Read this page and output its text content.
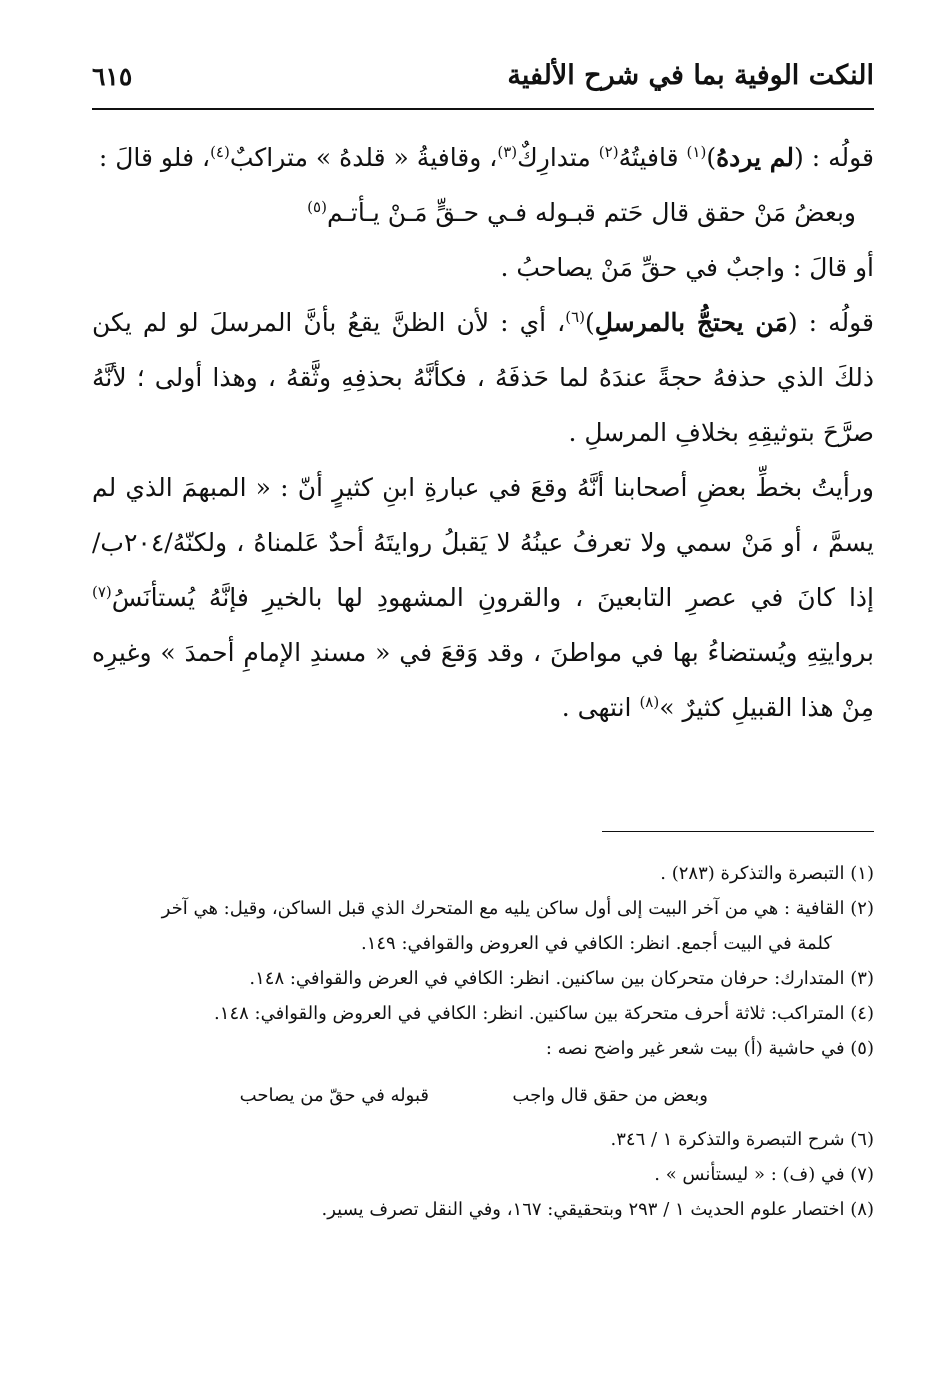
النكت الوفية بما في شرح الألفية
٦١٥

قولُه : (لم يردهُ)$^{(١)}$ قافيتُهُ$^{(٢)}$ متدارِكٌ$^{(٣)}$، وقافيةُ « قلدهُ » متراكبٌ$^{(٤)}$، فلو قالَ :

وبعضُ مَنْ حقق قال حَتم قبـوله فـي حـقٍّ مَـنْ يـأتـم$^{(٥)}$
أو قالَ : واجبٌ في حقِّ مَنْ يصاحبُ .

قولُه : (مَن يحتجُّ بالمرسلِ)$^{(٦)}$، أي : لأن الظنَّ يقعُ بأنَّ المرسلَ لو لم يكن ذلكَ الذي حذفهُ حجةً عندَهُ لما حَذفَهُ ، فكأنَّهُ بحذفِهِ وثَّقهُ ، وهذا أولى ؛ لأنَّهُ صرَّحَ بتوثيقِهِ بخلافِ المرسلِ .

ورأيتُ بخطِّ بعضِ أصحابنا أنَّهُ وقعَ في عبارةِ ابنِ كثيرٍ أنّ : « المبهمَ الذي لم يسمَّ ، أو مَنْ سمي ولا تعرفُ عينُهُ لا يَقبلُ روايتَهُ أحدٌ عَلمناهُ ، ولكنّهُ/٢٠٤ب/ إذا كانَ في عصرِ التابعينَ ، والقرونِ المشهودِ لها بالخيرِ فإنَّهُ يُستأنَسُ$^{(٧)}$ بروايتِهِ ويُستضاءُ بها في مواطنَ ، وقد وَقعَ في « مسندِ الإمامِ أحمدَ » وغيرِه مِنْ هذا القبيلِ كثيرٌ »$^{(٨)}$ انتهى .

(١) التبصرة والتذكرة (٢٨٣) .

(٢) القافية : هي من آخر البيت إلى أول ساكن يليه مع المتحرك الذي قبل الساكن، وقيل: هي آخر

كلمة في البيت أجمع. انظر: الكافي في العروض والقوافي: ١٤٩.

(٣) المتدارك: حرفان متحركان بين ساكنين. انظر: الكافي في العرض والقوافي: ١٤٨.

(٤) المتراكب: ثلاثة أحرف متحركة بين ساكنين. انظر: الكافي في العروض والقوافي: ١٤٨.

(٥) في حاشية (أ) بيت شعر غير واضح نصه :

وبعض من حقق قال واجب
قبوله في حقّ من يصاحب

(٦) شرح التبصرة والتذكرة ١ / ٣٤٦.

(٧) في (ف) : « ليستأنس » .

(٨) اختصار علوم الحديث ١ / ٢٩٣ وبتحقيقي: ١٦٧، وفي النقل تصرف يسير.
